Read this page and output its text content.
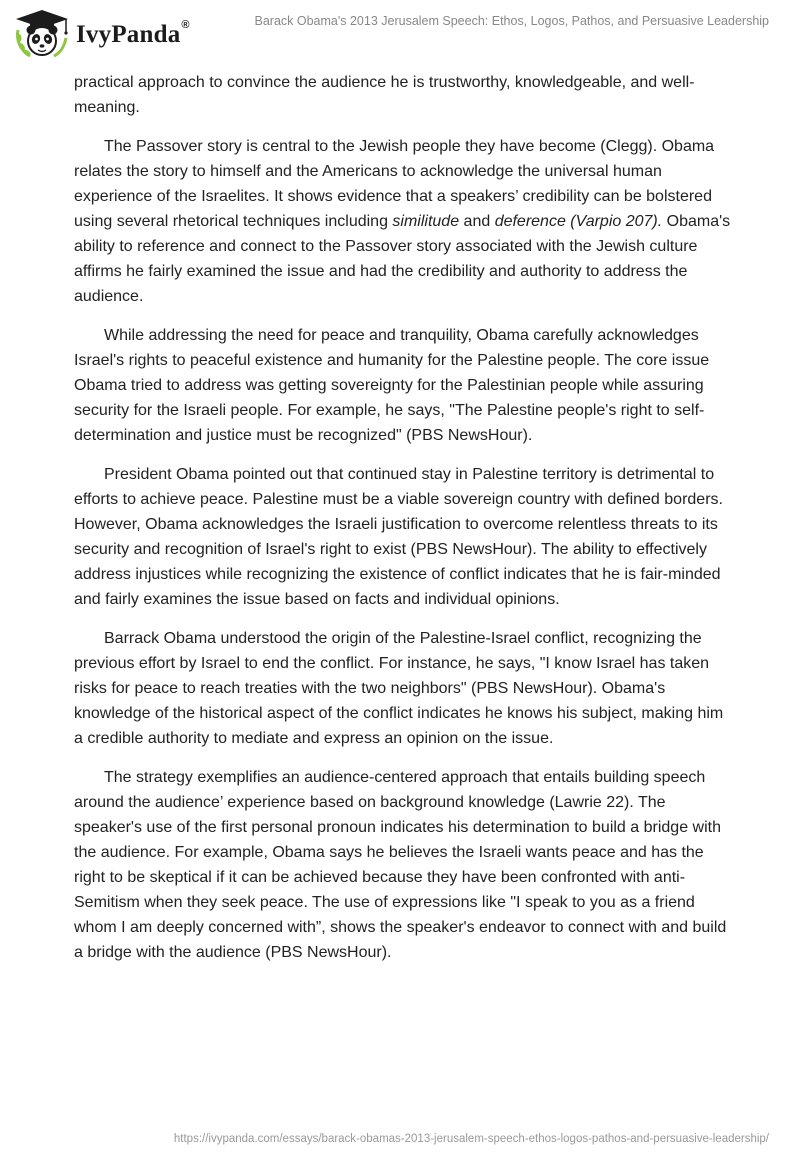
IvyPanda®	Barack Obama's 2013 Jerusalem Speech: Ethos, Logos, Pathos, and Persuasive Leadership

practical approach to convince the audience he is trustworthy, knowledgeable, and well-meaning.

The Passover story is central to the Jewish people they have become (Clegg). Obama relates the story to himself and the Americans to acknowledge the universal human experience of the Israelites. It shows evidence that a speakers’ credibility can be bolstered using several rhetorical techniques including similitude and deference (Varpio 207). Obama's ability to reference and connect to the Passover story associated with the Jewish culture affirms he fairly examined the issue and had the credibility and authority to address the audience.

While addressing the need for peace and tranquility, Obama carefully acknowledges Israel's rights to peaceful existence and humanity for the Palestine people. The core issue Obama tried to address was getting sovereignty for the Palestinian people while assuring security for the Israeli people. For example, he says, "The Palestine people's right to self-determination and justice must be recognized" (PBS NewsHour).

President Obama pointed out that continued stay in Palestine territory is detrimental to efforts to achieve peace. Palestine must be a viable sovereign country with defined borders. However, Obama acknowledges the Israeli justification to overcome relentless threats to its security and recognition of Israel's right to exist (PBS NewsHour). The ability to effectively address injustices while recognizing the existence of conflict indicates that he is fair-minded and fairly examines the issue based on facts and individual opinions.

Barrack Obama understood the origin of the Palestine-Israel conflict, recognizing the previous effort by Israel to end the conflict. For instance, he says, "I know Israel has taken risks for peace to reach treaties with the two neighbors" (PBS NewsHour). Obama's knowledge of the historical aspect of the conflict indicates he knows his subject, making him a credible authority to mediate and express an opinion on the issue.

The strategy exemplifies an audience-centered approach that entails building speech around the audience’ experience based on background knowledge (Lawrie 22). The speaker's use of the first personal pronoun indicates his determination to build a bridge with the audience. For example, Obama says he believes the Israeli wants peace and has the right to be skeptical if it can be achieved because they have been confronted with anti-Semitism when they seek peace. The use of expressions like "I speak to you as a friend whom I am deeply concerned with”, shows the speaker's endeavor to connect with and build a bridge with the audience (PBS NewsHour).

https://ivypanda.com/essays/barack-obamas-2013-jerusalem-speech-ethos-logos-pathos-and-persuasive-leadership/
